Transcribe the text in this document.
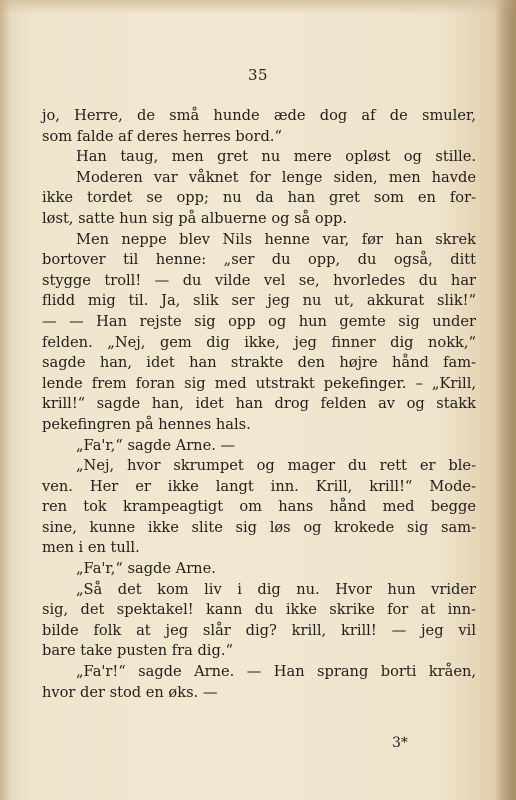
35
jo, Herre, de små hunde æde dog af de smuler,
som falde af deres herres bord.“
Han taug, men gret nu mere opløst og stille.
Moderen var våknet for lenge siden, men havde
ikke tordet se opp; nu da han gret som en for-
løst, satte hun sig på albuerne og så opp.
Men neppe blev Nils henne var, før han skrek
bortover til henne: „ser du opp, du også, ditt
stygge troll! — du vilde vel se, hvorledes du har
flidd mig til. Ja, slik ser jeg nu ut, akkurat slik!“
— — Han rejste sig opp og hun gemte sig under
felden. „Nej, gem dig ikke, jeg finner dig nokk,“
sagde han, idet han strakte den højre hånd fam-
lende frem foran sig med utstrakt pekefinger. – „Krill,
krill!“ sagde han, idet han drog felden av og stakk
pekefingren på hennes hals.
„Fa'r,“ sagde Arne. —
„Nej, hvor skrumpet og mager du rett er ble-
ven. Her er ikke langt inn. Krill, krill!“ Mode-
ren tok krampeagtigt om hans hånd med begge
sine, kunne ikke slite sig løs og krokede sig sam-
men i en tull.
„Fa'r,“ sagde Arne.
„Så det kom liv i dig nu. Hvor hun vrider
sig, det spektakel! kann du ikke skrike for at inn-
bilde folk at jeg slår dig? krill, krill! — jeg vil
bare take pusten fra dig.“
„Fa'r!“ sagde Arne. — Han sprang borti kråen,
hvor der stod en øks. —
3*
